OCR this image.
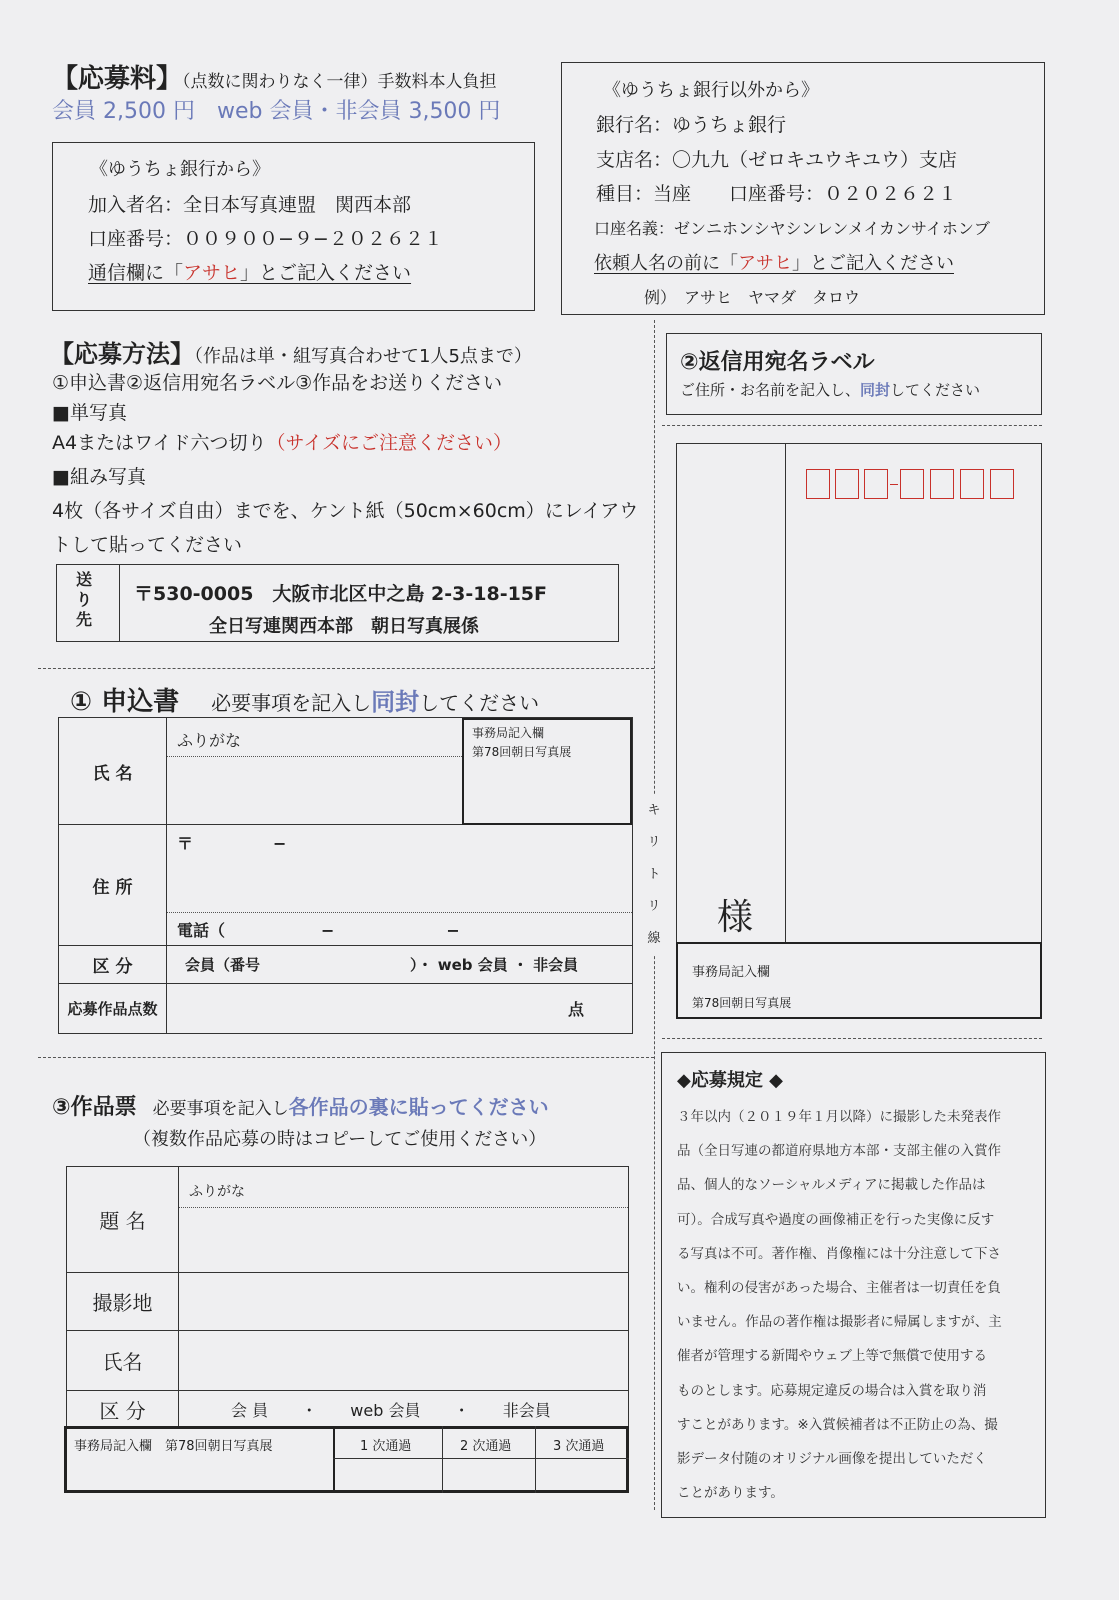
【応募料】（点数に関わりなく一律）手数料本人負担
会員 2,500 円　web 会員・非会員 3,500 円
《ゆうちょ銀行から》
加入者名：全日本写真連盟　関西本部
口座番号：００９００−９−２０２６２１
通信欄に「アサヒ」とご記入ください
《ゆうちょ銀行以外から》
銀行名：ゆうちょ銀行
支店名：〇九九（ゼロキユウキユウ）支店
種目：当座　　口座番号：０２０２６２１
口座名義：ゼンニホンシヤシンレンメイカンサイホンブ
依頼人名の前に「アサヒ」とご記入ください
例）　アサヒ　ヤマダ　タロウ
【応募方法】（作品は単・組写真合わせて1人5点まで）
①申込書②返信用宛名ラベル③作品をお送りください
■単写真
A4またはワイド六つ切り（サイズにご注意ください）
■組み写真
4枚（各サイズ自由）までを、ケント紙（50cm×60cm）にレイアウ
トして貼ってください
送り先
〒530-0005　大阪市北区中之島 2-3-18-15F
全日写連関西本部　朝日写真展係
キリトリ線
① 申込書 必要事項を記入し同封してください
氏 名	ふりがな 事務局記入欄
第78回朝日写真展

住 所	〒　　　　　−
電話（　　　　　　−　　　　　　　−

区 分	会員（番号　　　　　　　　　　）・ web 会員 ・ 非会員
応募作品点数	点
②返信用宛名ラベル
ご住所・お名前を記入し、同封してください
様
事務局記入欄
第78回朝日写真展
③作品票 必要事項を記入し各作品の裏に貼ってください
（複数作品応募の時はコピーしてご使用ください）
題 名	ふりがな

撮影地	
氏名	
区 分	会 員 ・ web 会員 ・ 非会員
事務局記入欄　第78回朝日写真展	1 次通過	2 次通過	3 次通過
◆応募規定 ◆
３年以内（２０１９年１月以降）に撮影した未発表作
品（全日写連の都道府県地方本部・支部主催の入賞作
品、個人的なソーシャルメディアに掲載した作品は
可）。合成写真や過度の画像補正を行った実像に反す
る写真は不可。著作権、肖像権には十分注意して下さ
い。権利の侵害があった場合、主催者は一切責任を負
いません。作品の著作権は撮影者に帰属しますが、主
催者が管理する新聞やウェブ上等で無償で使用する
ものとします。応募規定違反の場合は入賞を取り消
すことがあります。※入賞候補者は不正防止の為、撮
影データ付随のオリジナル画像を提出していただく
ことがあります。
